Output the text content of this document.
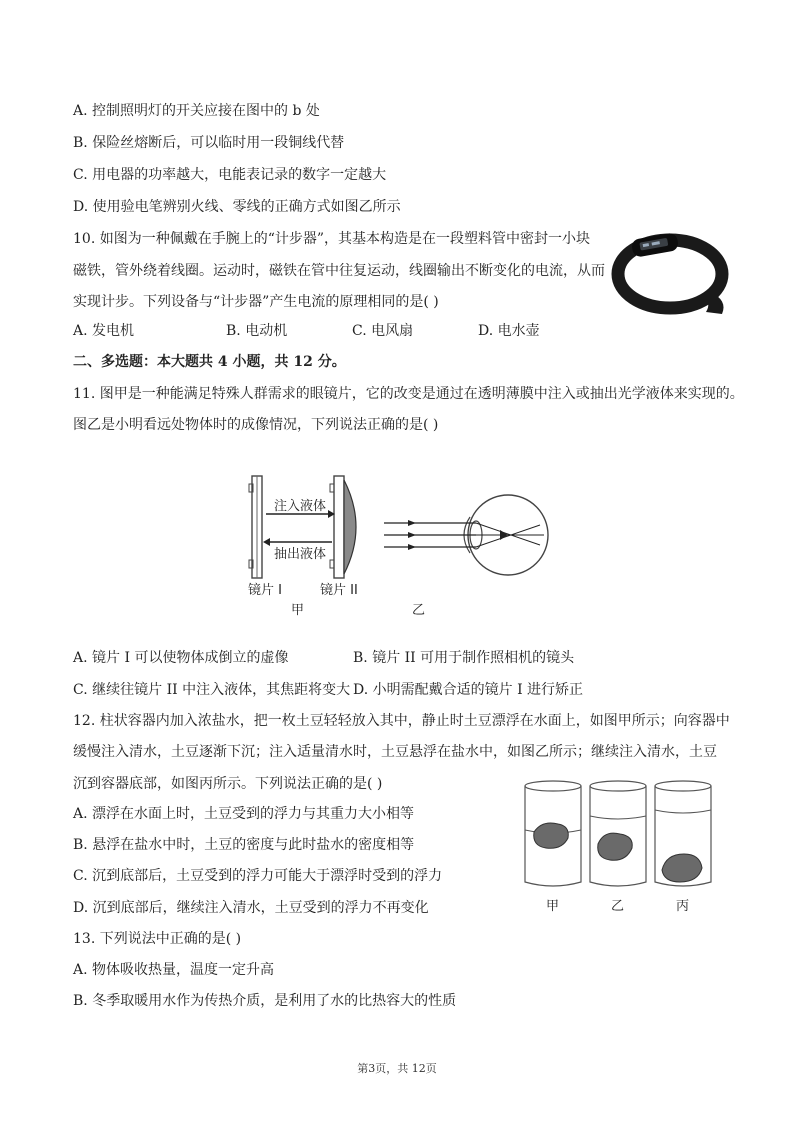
A. 控制照明灯的开关应接在图中的 b 处
B. 保险丝熔断后，可以临时用一段铜线代替
C. 用电器的功率越大，电能表记录的数字一定越大
D. 使用验电笔辨别火线、零线的正确方式如图乙所示
10. 如图为一种佩戴在手腕上的“计步器”，其基本构造是在一段塑料管中密封一小块
磁铁，管外绕着线圈。运动时，磁铁在管中往复运动，线圈输出不断变化的电流，从而
实现计步。下列设备与“计步器”产生电流的原理相同的是( )
A. 发电机	B. 电动机	C. 电风扇	D. 电水壶
二、多选题：本大题共 4 小题，共 12 分。
11. 图甲是一种能满足特殊人群需求的眼镜片，它的改变是通过在透明薄膜中注入或抽出光学液体来实现的。
图乙是小明看远处物体时的成像情况，下列说法正确的是( )
注入液体
抽出液体
镜片 I	镜片 II
甲	乙
A. 镜片 I 可以使物体成倒立的虚像	B. 镜片 II 可用于制作照相机的镜头
C. 继续往镜片 II 中注入液体，其焦距将变大 D. 小明需配戴合适的镜片 I 进行矫正
12. 柱状容器内加入浓盐水，把一枚土豆轻轻放入其中，静止时土豆漂浮在水面上，如图甲所示；向容器中
缓慢注入清水，土豆逐渐下沉；注入适量清水时，土豆悬浮在盐水中，如图乙所示；继续注入清水，土豆
沉到容器底部，如图丙所示。下列说法正确的是( )
A. 漂浮在水面上时，土豆受到的浮力与其重力大小相等
B. 悬浮在盐水中时，土豆的密度与此时盐水的密度相等
C. 沉到底部后，土豆受到的浮力可能大于漂浮时受到的浮力
D. 沉到底部后，继续注入清水，土豆受到的浮力不再变化	甲	乙	丙
13. 下列说法中正确的是( )
A. 物体吸收热量，温度一定升高
B. 冬季取暖用水作为传热介质，是利用了水的比热容大的性质
第3页，共 12页
